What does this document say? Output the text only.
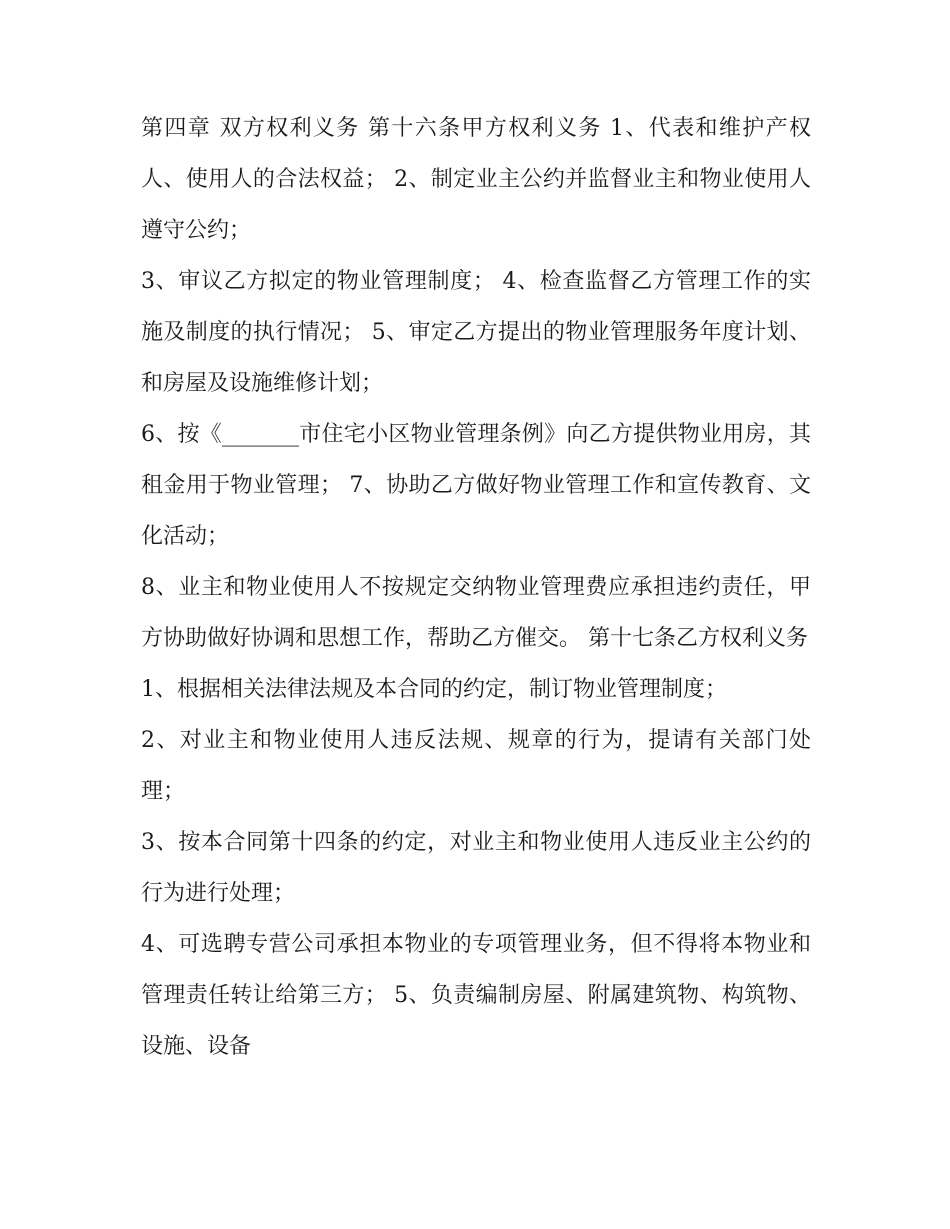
第四章 双方权利义务 第十六条甲方权利义务 1、代表和维护产权人、使用人的合法权益； 2、制定业主公约并监督业主和物业使用人遵守公约；

3、审议乙方拟定的物业管理制度； 4、检查监督乙方管理工作的实施及制度的执行情况； 5、审定乙方提出的物业管理服务年度计划、和房屋及设施维修计划；

6、按《_______市住宅小区物业管理条例》向乙方提供物业用房，其租金用于物业管理； 7、协助乙方做好物业管理工作和宣传教育、文化活动；

8、业主和物业使用人不按规定交纳物业管理费应承担违约责任，甲方协助做好协调和思想工作，帮助乙方催交。 第十七条乙方权利义务

1、根据相关法律法规及本合同的约定，制订物业管理制度；

2、对业主和物业使用人违反法规、规章的行为，提请有关部门处理；

3、按本合同第十四条的约定，对业主和物业使用人违反业主公约的行为进行处理；

4、可选聘专营公司承担本物业的专项管理业务，但不得将本物业和管理责任转让给第三方； 5、负责编制房屋、附属建筑物、构筑物、设施、设备
